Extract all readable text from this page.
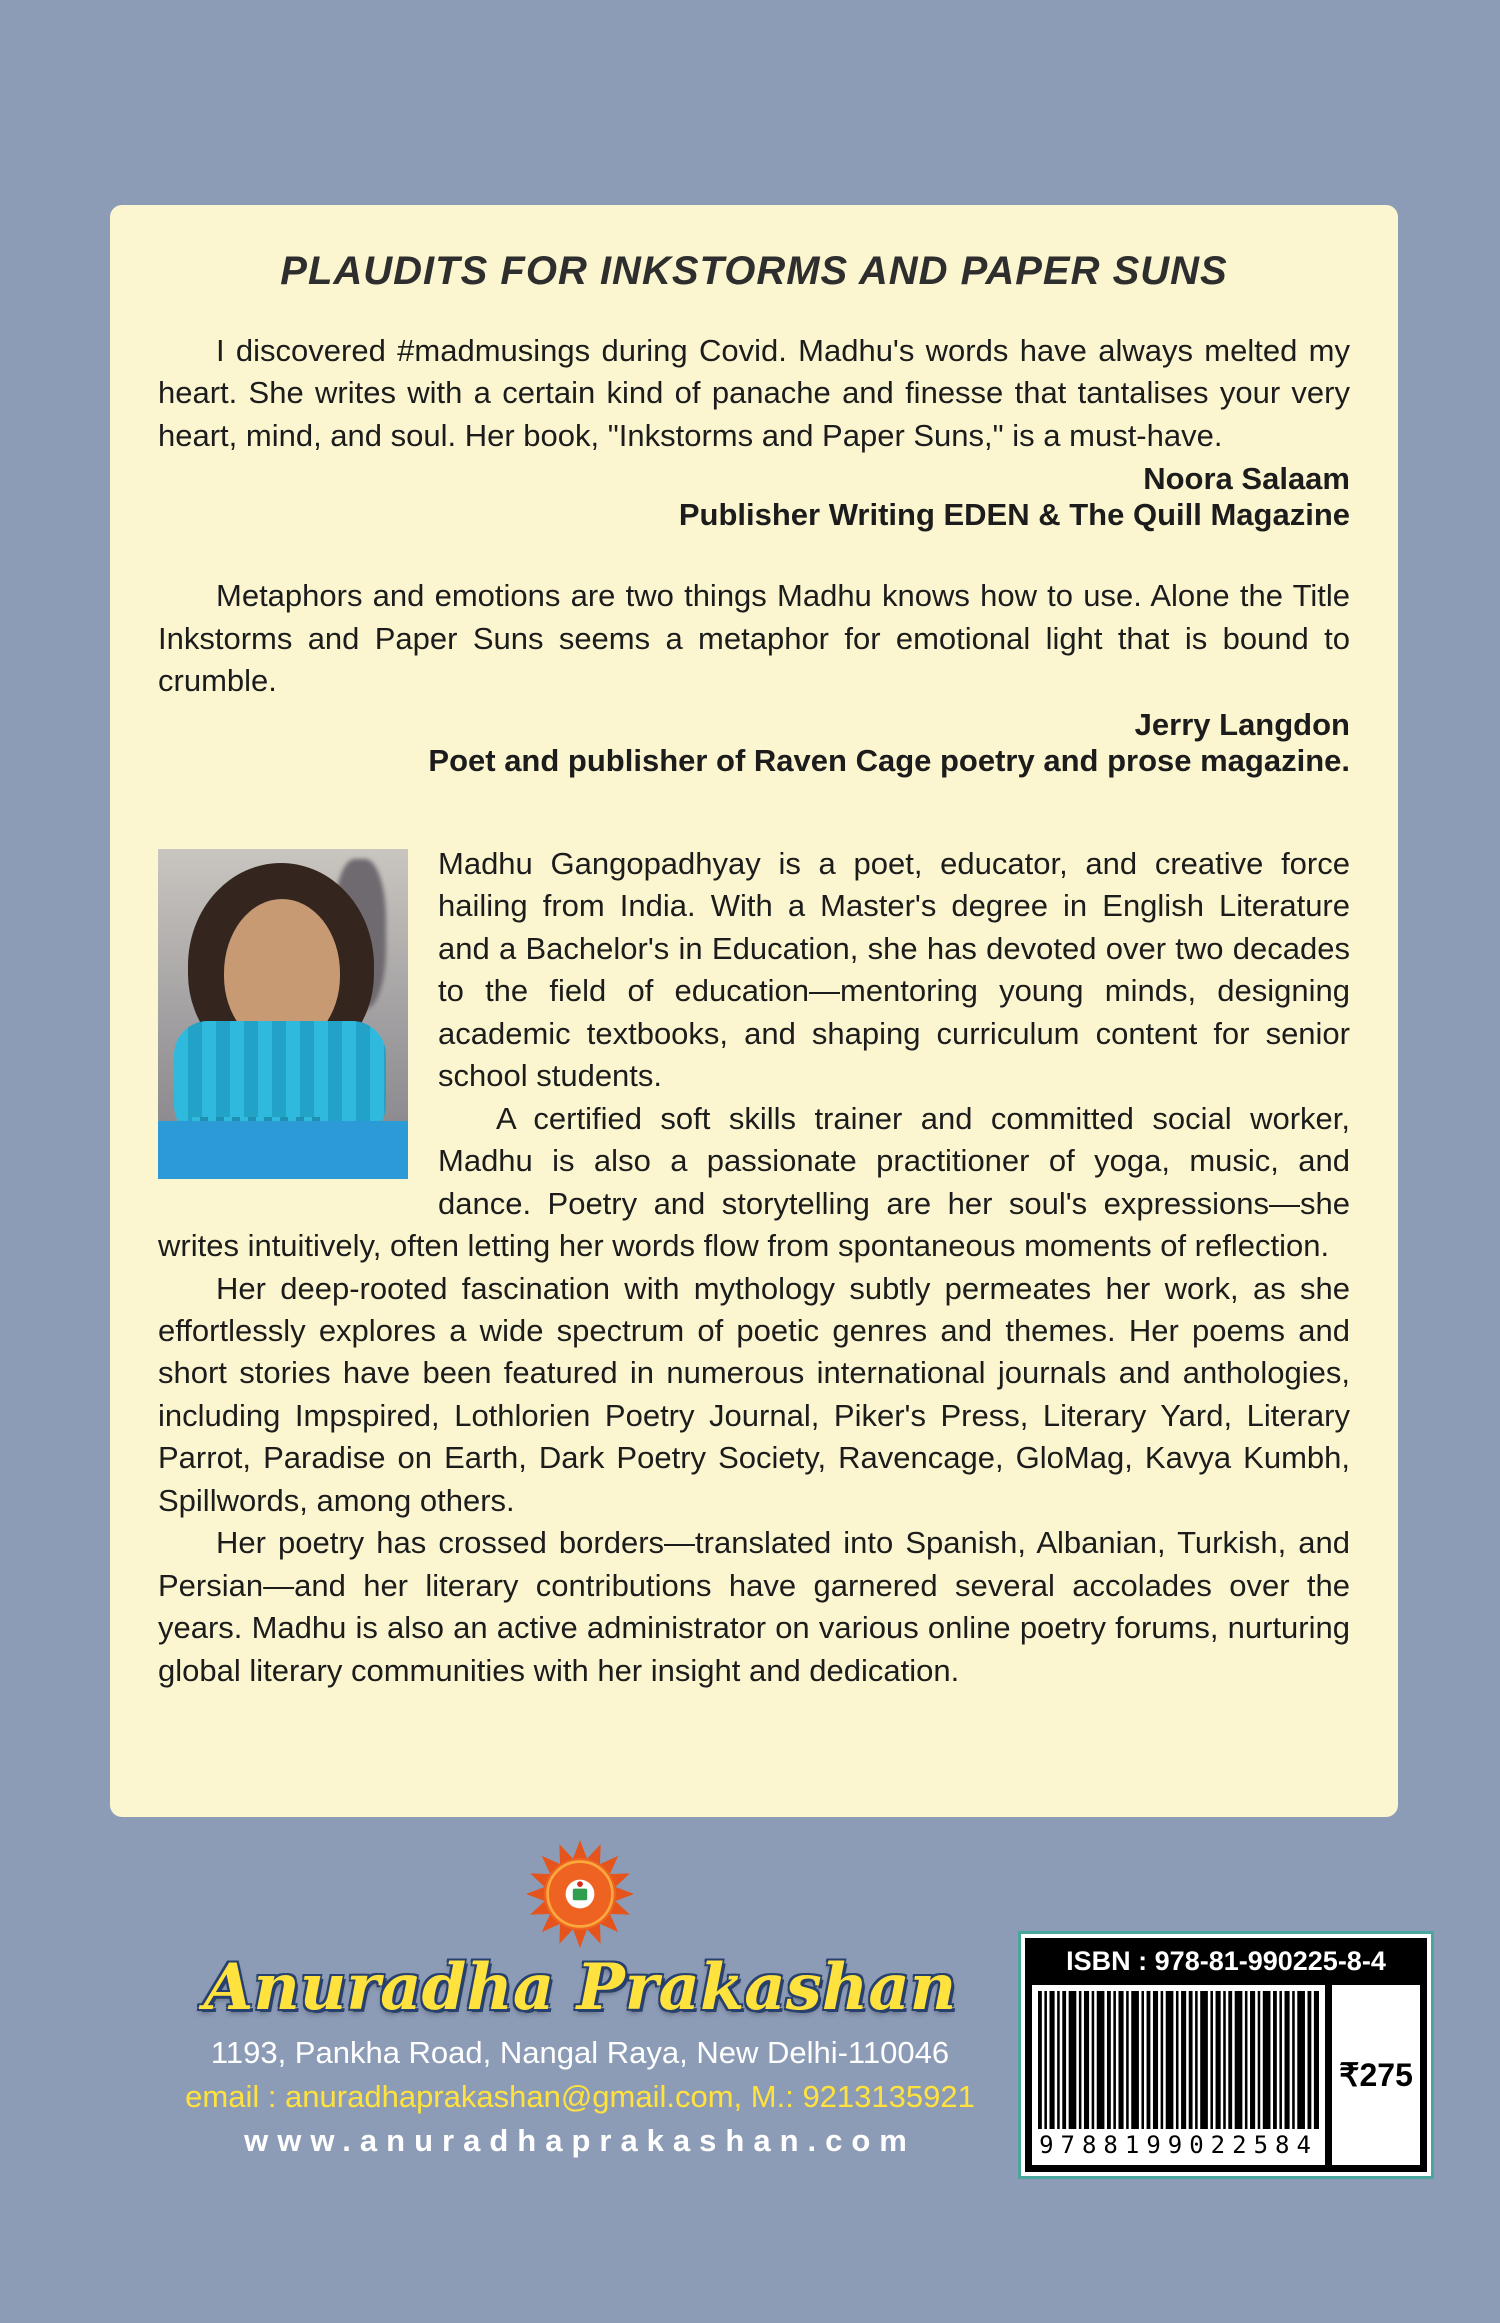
PLAUDITS FOR INKSTORMS AND PAPER SUNS

I discovered #madmusings during Covid. Madhu's words have always melted my heart. She writes with a certain kind of panache and finesse that tantalises your very heart, mind, and soul. Her book, "Inkstorms and Paper Suns," is a must-have.

Noora Salaam
Publisher Writing EDEN & The Quill Magazine

Metaphors and emotions are two things Madhu knows how to use. Alone the Title Inkstorms and Paper Suns seems a metaphor for emotional light that is bound to crumble.

Jerry Langdon
Poet and publisher of Raven Cage poetry and prose magazine.

Madhu Gangopadhyay is a poet, educator, and creative force hailing from India. With a Master's degree in English Literature and a Bachelor's in Education, she has devoted over two decades to the field of education—mentoring young minds, designing academic textbooks, and shaping curriculum content for senior school students.

A certified soft skills trainer and committed social worker, Madhu is also a passionate practitioner of yoga, music, and dance. Poetry and storytelling are her soul's expressions—she writes intuitively, often letting her words flow from spontaneous moments of reflection.

Her deep-rooted fascination with mythology subtly permeates her work, as she effortlessly explores a wide spectrum of poetic genres and themes. Her poems and short stories have been featured in numerous international journals and anthologies, including Impspired, Lothlorien Poetry Journal, Piker's Press, Literary Yard, Literary Parrot, Paradise on Earth, Dark Poetry Society, Ravencage, GloMag, Kavya Kumbh, Spillwords, among others.

Her poetry has crossed borders—translated into Spanish, Albanian, Turkish, and Persian—and her literary contributions have garnered several accolades over the years. Madhu is also an active administrator on various online poetry forums, nurturing global literary communities with her insight and dedication.

Anuradha Prakashan
1193, Pankha Road, Nangal Raya, New Delhi-110046
email : anuradhaprakashan@gmail.com, M.: 9213135921
www.anuradhaprakashan.com
ISBN : 978-81-990225-8-4
9788199022584
₹275
